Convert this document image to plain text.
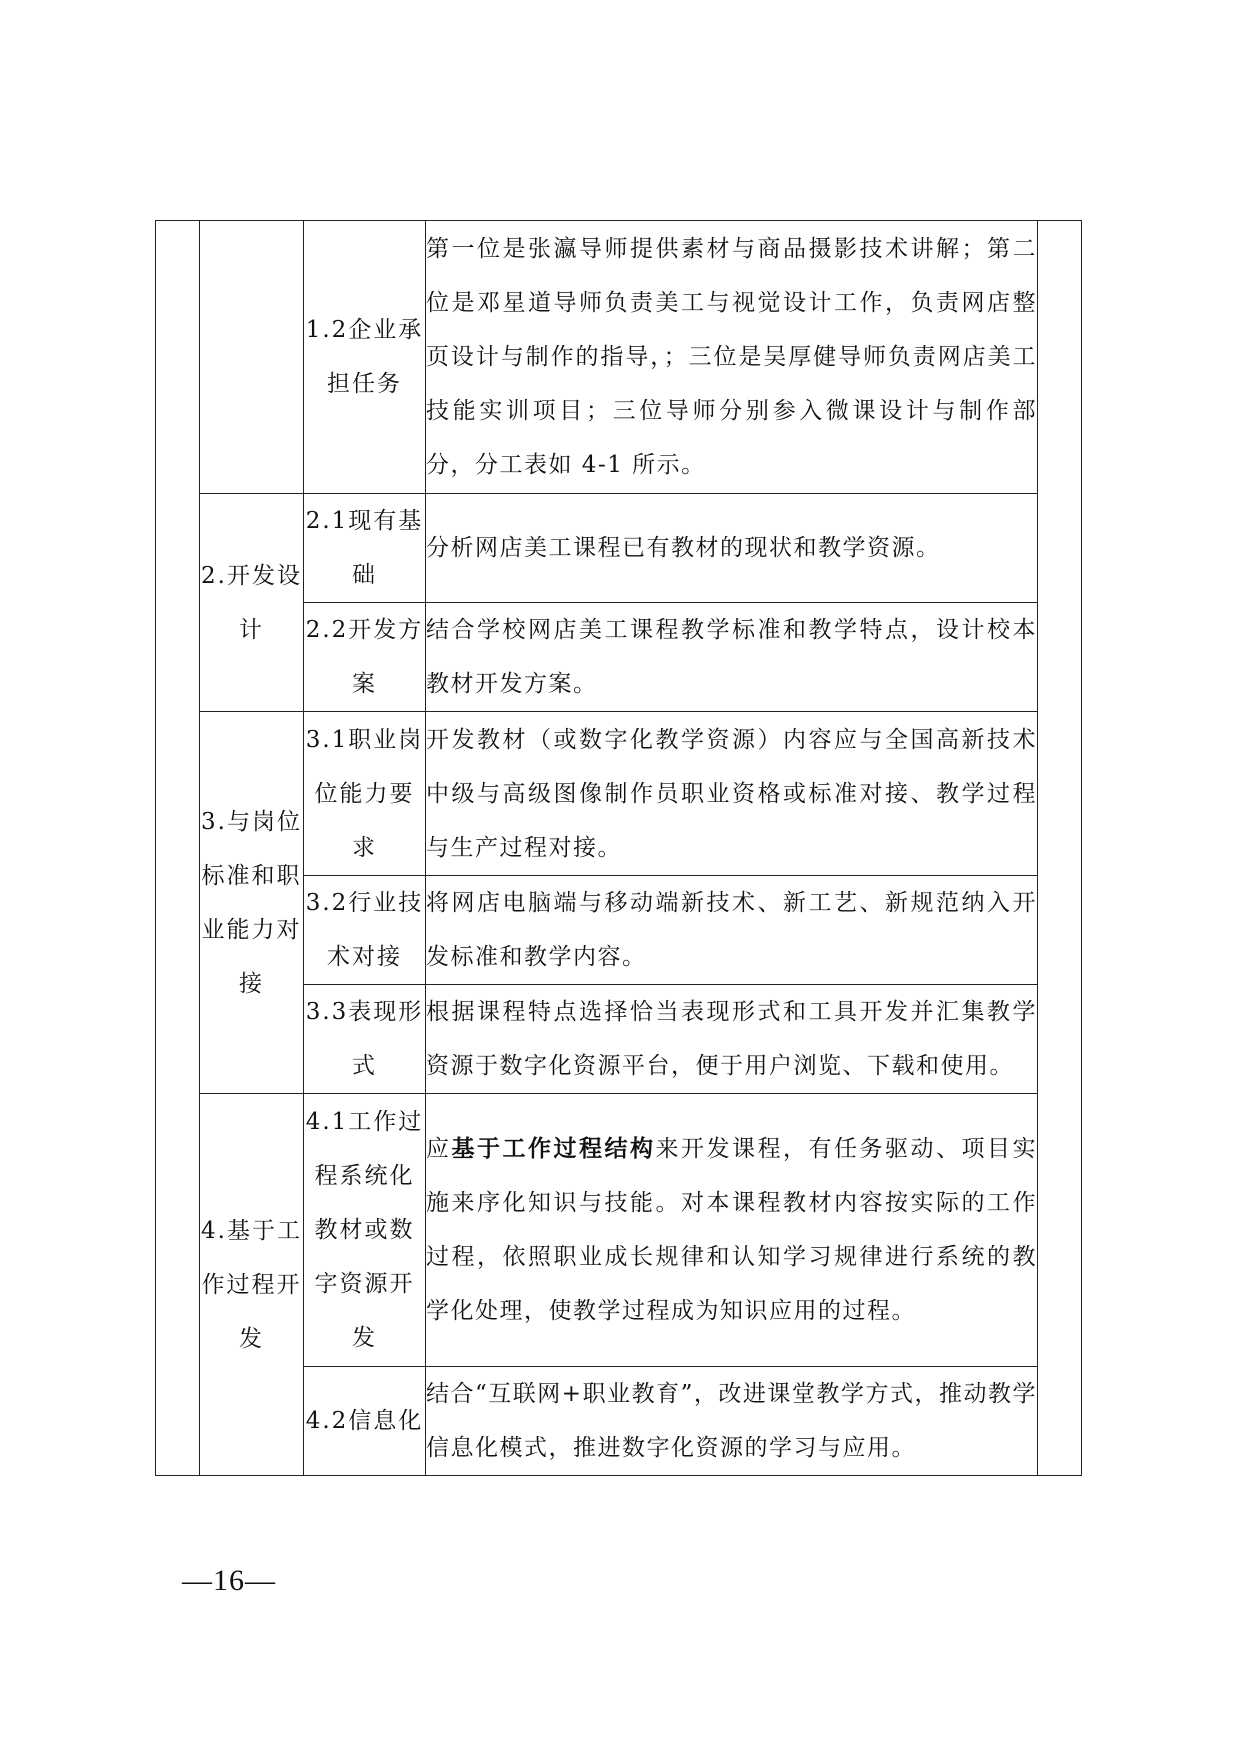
		1.2企业承担任务	第一位是张瀛导师提供素材与商品摄影技术讲解；第二位是邓星道导师负责美工与视觉设计工作，负责网店整页设计与制作的指导，；三位是吴厚健导师负责网店美工技能实训项目；三位导师分别参入微课设计与制作部分，分工表如 4-1 所示。	
	2.开发设计	2.1现有基础	分析网店美工课程已有教材的现状和教学资源。	
		2.2开发方案	结合学校网店美工课程教学标准和教学特点，设计校本教材开发方案。	
	3.与岗位标准和职业能力对接	3.1职业岗位能力要求	开发教材（或数字化教学资源）内容应与全国高新技术中级与高级图像制作员职业资格或标准对接、教学过程与生产过程对接。	
		3.2行业技术对接	将网店电脑端与移动端新技术、新工艺、新规范纳入开发标准和教学内容。	
		3.3表现形式	根据课程特点选择恰当表现形式和工具开发并汇集教学资源于数字化资源平台，便于用户浏览、下载和使用。	
	4.基于工作过程开发	4.1工作过程系统化教材或数字资源开发	应基于工作过程结构来开发课程，有任务驱动、项目实施来序化知识与技能。对本课程教材内容按实际的工作过程，依照职业成长规律和认知学习规律进行系统的教学化处理，使教学过程成为知识应用的过程。	
		4.2信息化	结合“互联网+职业教育”，改进课堂教学方式，推动教学信息化模式，推进数字化资源的学习与应用。	
—16—
